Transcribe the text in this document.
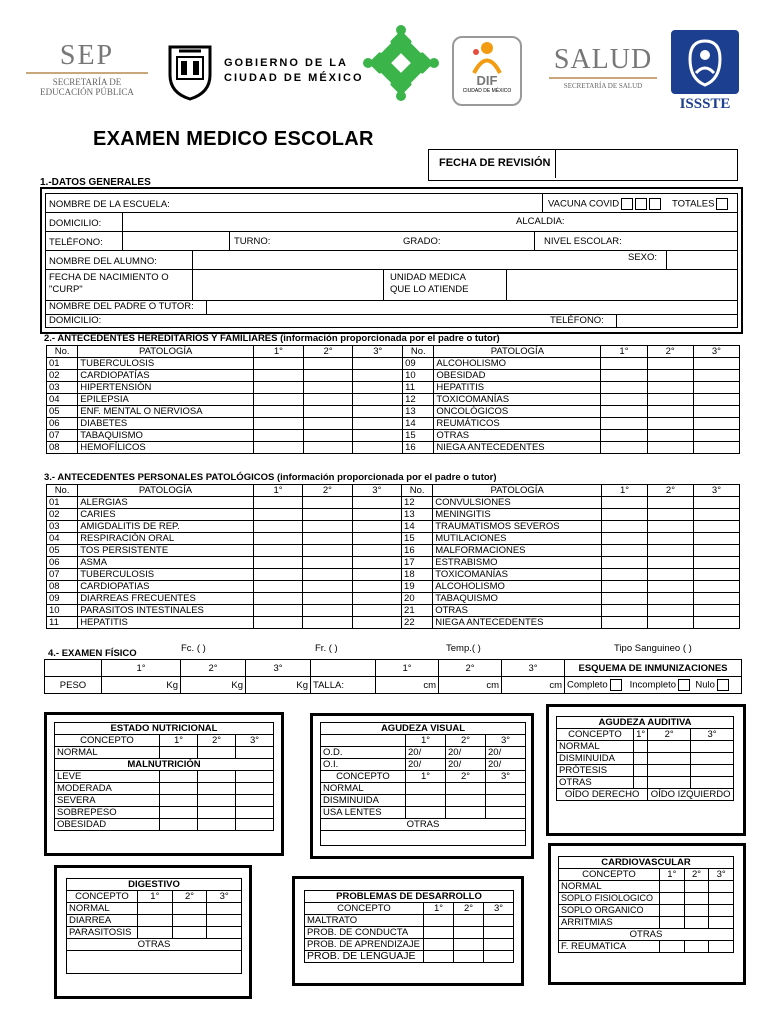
SEP
SECRETARÍA DE
EDUCACIÓN PÚBLICA
GOBIERNO DE LA
CIUDAD DE MÉXICO	DIF
CIUDAD DE MÉXICO
SALUD
SECRETARÍA DE SALUD
ISSSTE
EXAMEN MEDICO ESCOLAR
FECHA DE REVISIÓN
1.-DATOS GENERALES
NOMBRE DE LA ESCUELA:	VACUNA COVID	TOTALES
DOMICILIO:	ALCALDIA:
TELÉFONO:	TURNO:	GRADO:	NIVEL ESCOLAR:
NOMBRE DEL ALUMNO:	SEXO:
FECHA DE NACIMIENTO O
"CURP"
UNIDAD MEDICA
QUE LO ATIENDE
NOMBRE DEL PADRE O TUTOR:
DOMICILIO:	TELÉFONO:
2.- ANTECEDENTES HEREDITARIOS Y FAMILIARES (información proporcionada por el padre o tutor)
No.	PATOLOGÍA	1°	2°	3°	No.	PATOLOGÍA	1°	2°	3°
01	TUBERCULOSIS				09	ALCOHOLISMO			
02	CARDIOPATÍAS				10	OBESIDAD			
03	HIPERTENSIÓN				11	HEPATITIS			
04	EPILEPSIA				12	TOXICOMANÍAS			
05	ENF. MENTAL O NERVIOSA				13	ONCOLÓGICOS			
06	DIABETES				14	REUMÁTICOS			
07	TABAQUISMO				15	OTRAS			
08	HEMOFÍLICOS				16	NIEGA ANTECEDENTES			
3.- ANTECEDENTES PERSONALES PATOLÓGICOS (información proporcionada por el padre o tutor)
No.	PATOLOGÍA	1°	2°	3°	No.	PATOLOGÍA	1°	2°	3°
01	ALERGIAS				12	CONVULSIONES			
02	CARIES				13	MENINGITIS			
03	AMIGDALITIS DE REP.				14	TRAUMATISMOS SEVEROS			
04	RESPIRACIÓN ORAL				15	MUTILACIONES			
05	TOS PERSISTENTE				16	MALFORMACIONES			
06	ASMA				17	ESTRABISMO			
07	TUBERCULOSIS				18	TOXICOMANÍAS			
08	CARDIOPATIAS				19	ALCOHOLISMO			
09	DIARREAS FRECUENTES				20	TABAQUISMO			
10	PARASITOS INTESTINALES				21	OTRAS			
11	HEPATITIS				22	NIEGA ANTECEDENTES			
4.- EXAMEN FÍSICO	Fc. ( )	Fr. ( )	Temp.( )	Tipo Sanguineo ( )
	1°	2°	3°		1°	2°	3°	ESQUEMA DE INMUNIZACIONES
PESO	Kg	Kg	Kg	TALLA:	cm	cm	cm	Completo Incompleto Nulo
ESTADO NUTRICIONAL			
CONCEPTO	1°	2°	3°
NORMAL			
MALNUTRICIÓN			
LEVE			
MODERADA			
SEVERA			
SOBREPESO			
OBESIDAD			
AGUDEZA VISUAL			
	1°	2°	3°
O.D.	20/	20/	20/
O.I.	20/	20/	20/
CONCEPTO	1°	2°	3°
NORMAL			
DISMINUIDA			
USA LENTES			
OTRAS			

AGUDEZA AUDITIVA			
CONCEPTO	1°	2°	3°
NORMAL			
DISMINUIDA			
PRÓTESIS			
OTRAS			
OÍDO DERECHO		OÍDO IZQUIERDO	
DIGESTIVO			
CONCEPTO	1°	2°	3°
NORMAL			
DIARREA			
PARASITOSIS			
OTRAS			

PROBLEMAS DE DESARROLLO			
CONCEPTO	1°	2°	3°
MALTRATO			
PROB. DE CONDUCTA			
PROB. DE APRENDIZAJE			
PROB. DE LENGUAJE			
CARDIOVASCULAR			
CONCEPTO	1°	2°	3°
NORMAL			
SOPLO FISIOLOGICO			
SOPLO ORGANICO			
ARRITMIAS			
OTRAS			
F. REUMATICA			
